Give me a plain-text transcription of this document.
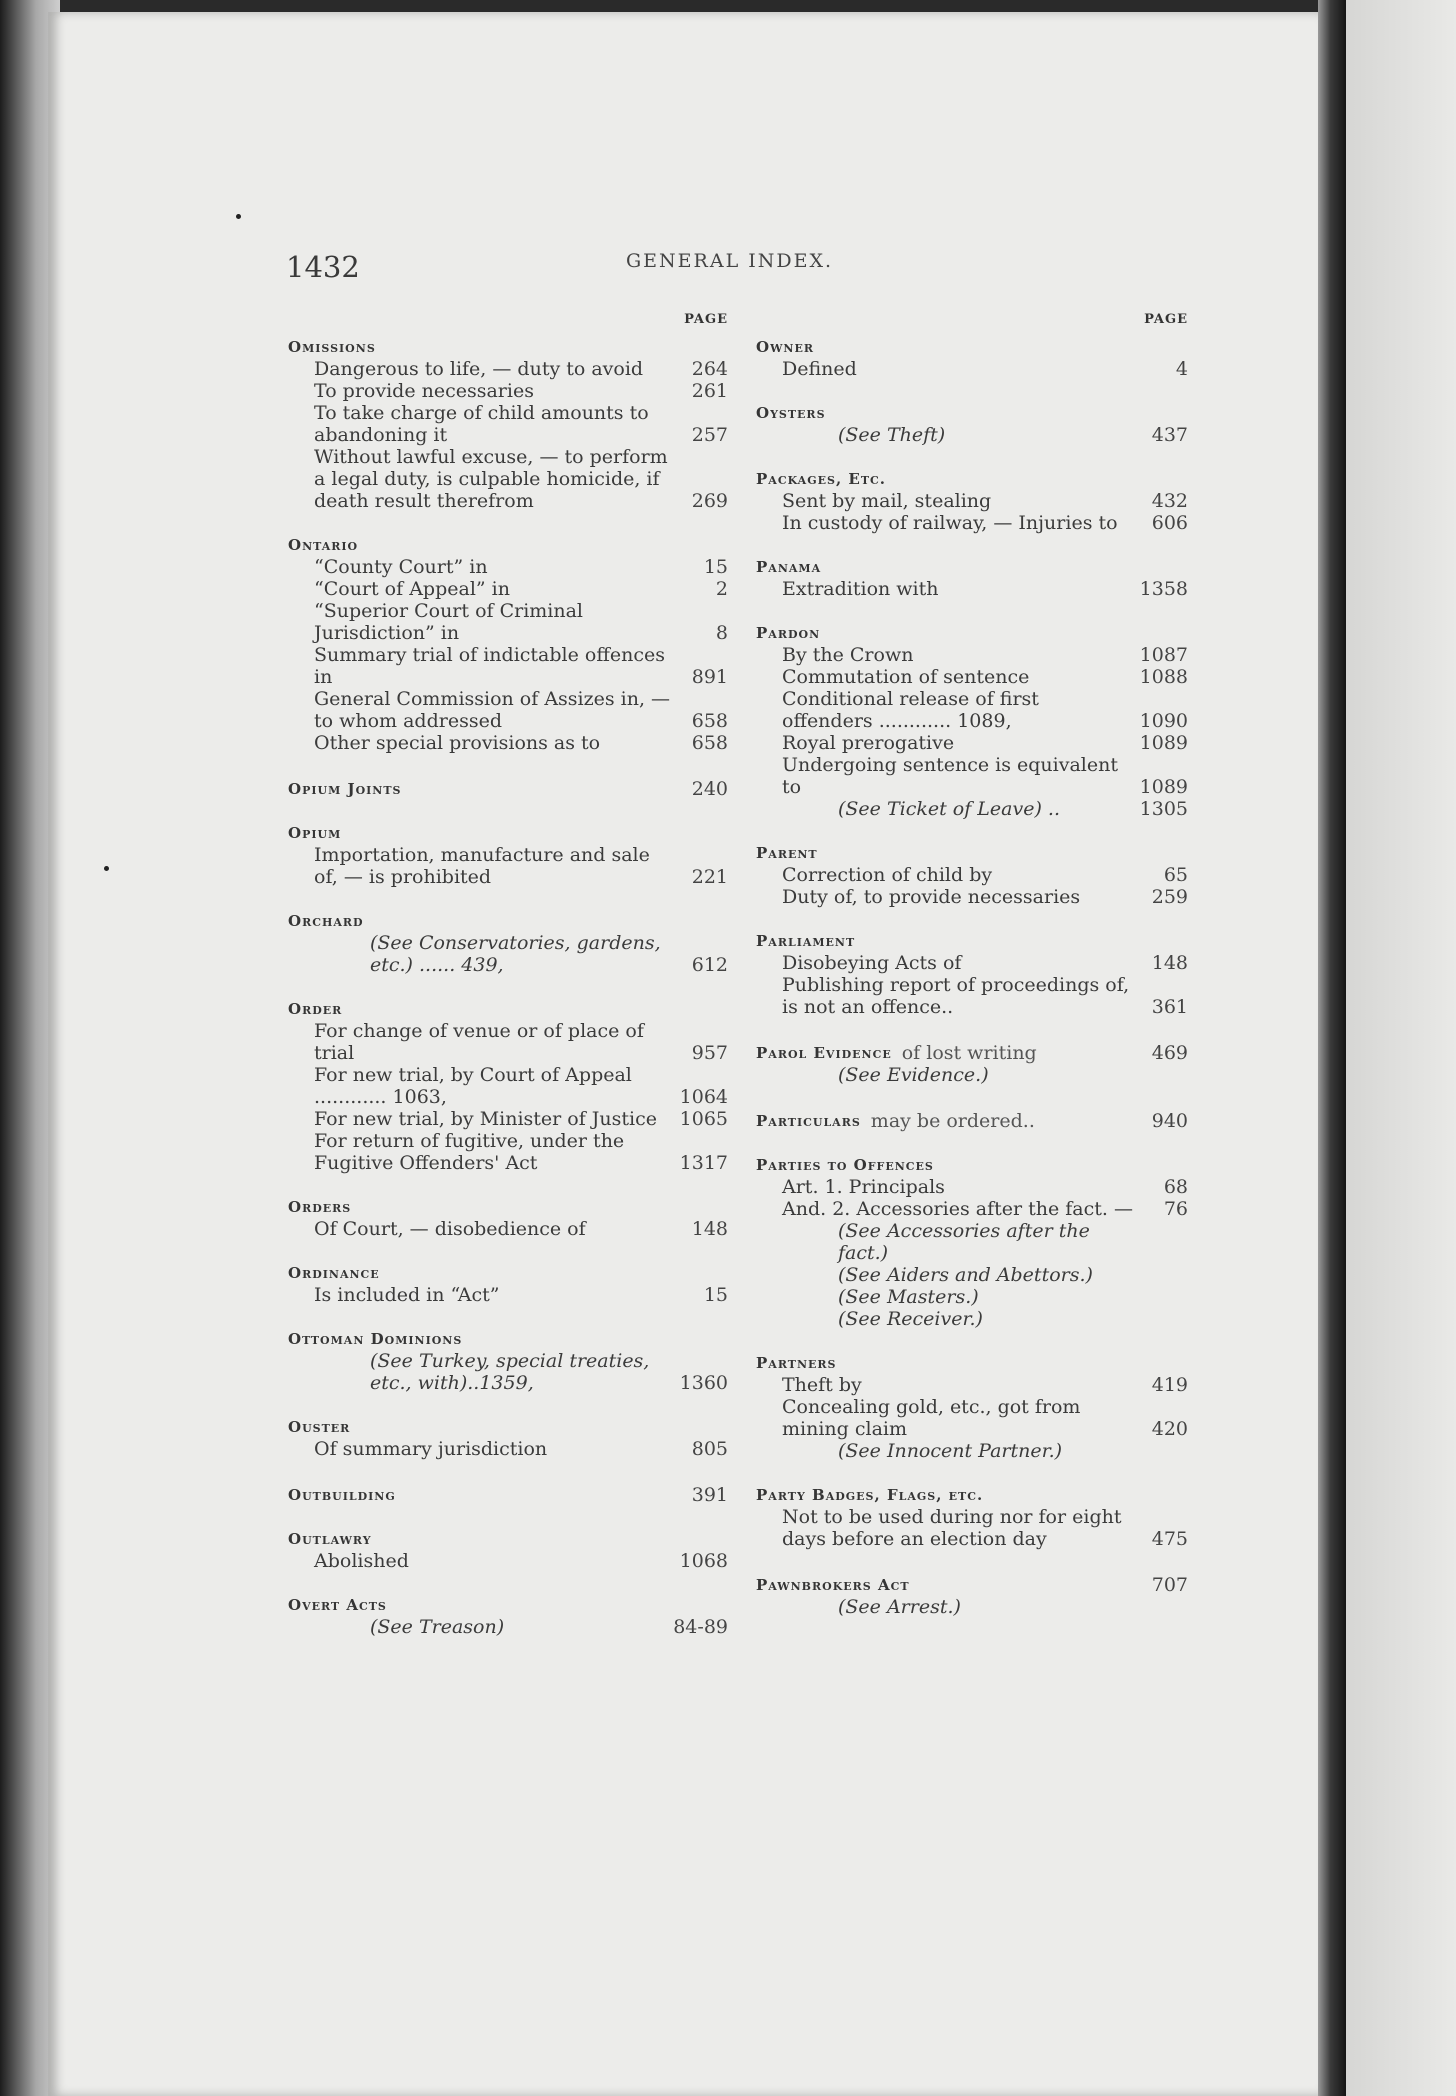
1432	GENERAL INDEX.
PAGE
Omissions
Dangerous to life, — duty to avoid	264
To provide necessaries	261
To take charge of child amounts to abandoning it	257
Without lawful excuse, — to perform a legal duty, is culpable homicide, if death result therefrom	269
Ontario
“County Court” in	15
“Court of Appeal” in	2
“Superior Court of Criminal Jurisdiction” in	8
Summary trial of indictable offences in	891
General Commission of Assizes in, — to whom addressed	658
Other special provisions as to	658
Opium Joints	240
Opium
Importation, manufacture and sale of, — is prohibited	221
Orchard
(See Conservatories, gardens, etc.) ...... 439,	612
Order
For change of venue or of place of trial	957
For new trial, by Court of Appeal ............ 1063,	1064
For new trial, by Minister of Justice	1065
For return of fugitive, under the Fugitive Offenders' Act	1317
Orders
Of Court, — disobedience of	148
Ordinance
Is included in “Act”	15
Ottoman Dominions
(See Turkey, special treaties, etc., with)..1359,	1360
Ouster
Of summary jurisdiction	805
Outbuilding	391
Outlawry
Abolished	1068
Overt Acts
(See Treason)	84-89
PAGE
Owner
Defined	4
Oysters
(See Theft)	437
Packages, Etc.
Sent by mail, stealing	432
In custody of railway, — Injuries to	606
Panama
Extradition with	1358
Pardon
By the Crown	1087
Commutation of sentence	1088
Conditional release of first offenders ............ 1089,	1090
Royal prerogative	1089
Undergoing sentence is equivalent to	1089
(See Ticket of Leave) ..	1305
Parent
Correction of child by	65
Duty of, to provide necessaries	259
Parliament
Disobeying Acts of	148
Publishing report of proceedings of, is not an offence..	361
Parol Evidence of lost writing	469
(See Evidence.)
Particulars may be ordered..	940
Parties to Offences
Art. 1. Principals	68
And. 2. Accessories after the fact. —	76
(See Accessories after the fact.)
(See Aiders and Abettors.)
(See Masters.)
(See Receiver.)
Partners
Theft by	419
Concealing gold, etc., got from mining claim	420
(See Innocent Partner.)
Party Badges, Flags, etc.
Not to be used during nor for eight days before an election day	475
Pawnbrokers Act	707
(See Arrest.)
